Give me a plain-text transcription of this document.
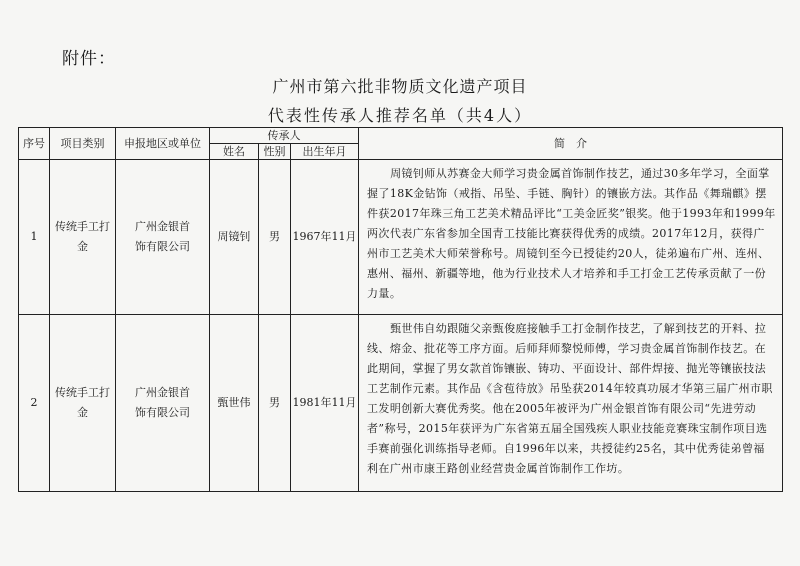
附件：
广州市第六批非物质文化遗产项目
代表性传承人推荐名单（共4人）
序号	项目类别	申报地区或单位	传承人			简　介
			姓名	性别	出生年月	
1	传统手工打金	广州金银首饰有限公司	周镜钊	男	1967年11月	周镜钊师从苏赛金大师学习贵金属首饰制作技艺，通过30多年学习，全面掌握了18K金钻饰（戒指、吊坠、手链、胸针）的镶嵌方法。其作品《舞瑞麒》摆件获2017年珠三角工艺美术精品评比“工美金匠奖”银奖。他于1993年和1999年两次代表广东省参加全国青工技能比赛获得优秀的成绩。2017年12月，获得广州市工艺美术大师荣誉称号。周镜钊至今已授徒约20人，徒弟遍布广州、连州、惠州、福州、新疆等地，他为行业技术人才培养和手工打金工艺传承贡献了一份力量。
2	传统手工打金	广州金银首饰有限公司	甄世伟	男	1981年11月	甄世伟自幼跟随父亲甄俊庭接触手工打金制作技艺，了解到技艺的开料、拉线、熔金、批花等工序方面。后师拜师黎悦师傅，学习贵金属首饰制作技艺。在此期间，掌握了男女款首饰镶嵌、铸功、平面设计、部件焊接、抛光等镶嵌技法工艺制作元素。其作品《含苞待放》吊坠获2014年较真功展才华第三届广州市职工发明创新大赛优秀奖。他在2005年被评为广州金银首饰有限公司“先进劳动者”称号，2015年获评为广东省第五届全国残疾人职业技能竞赛珠宝制作项目选手赛前强化训练指导老师。自1996年以来，共授徒约25名，其中优秀徒弟曾福利在广州市康王路创业经营贵金属首饰制作工作坊。
